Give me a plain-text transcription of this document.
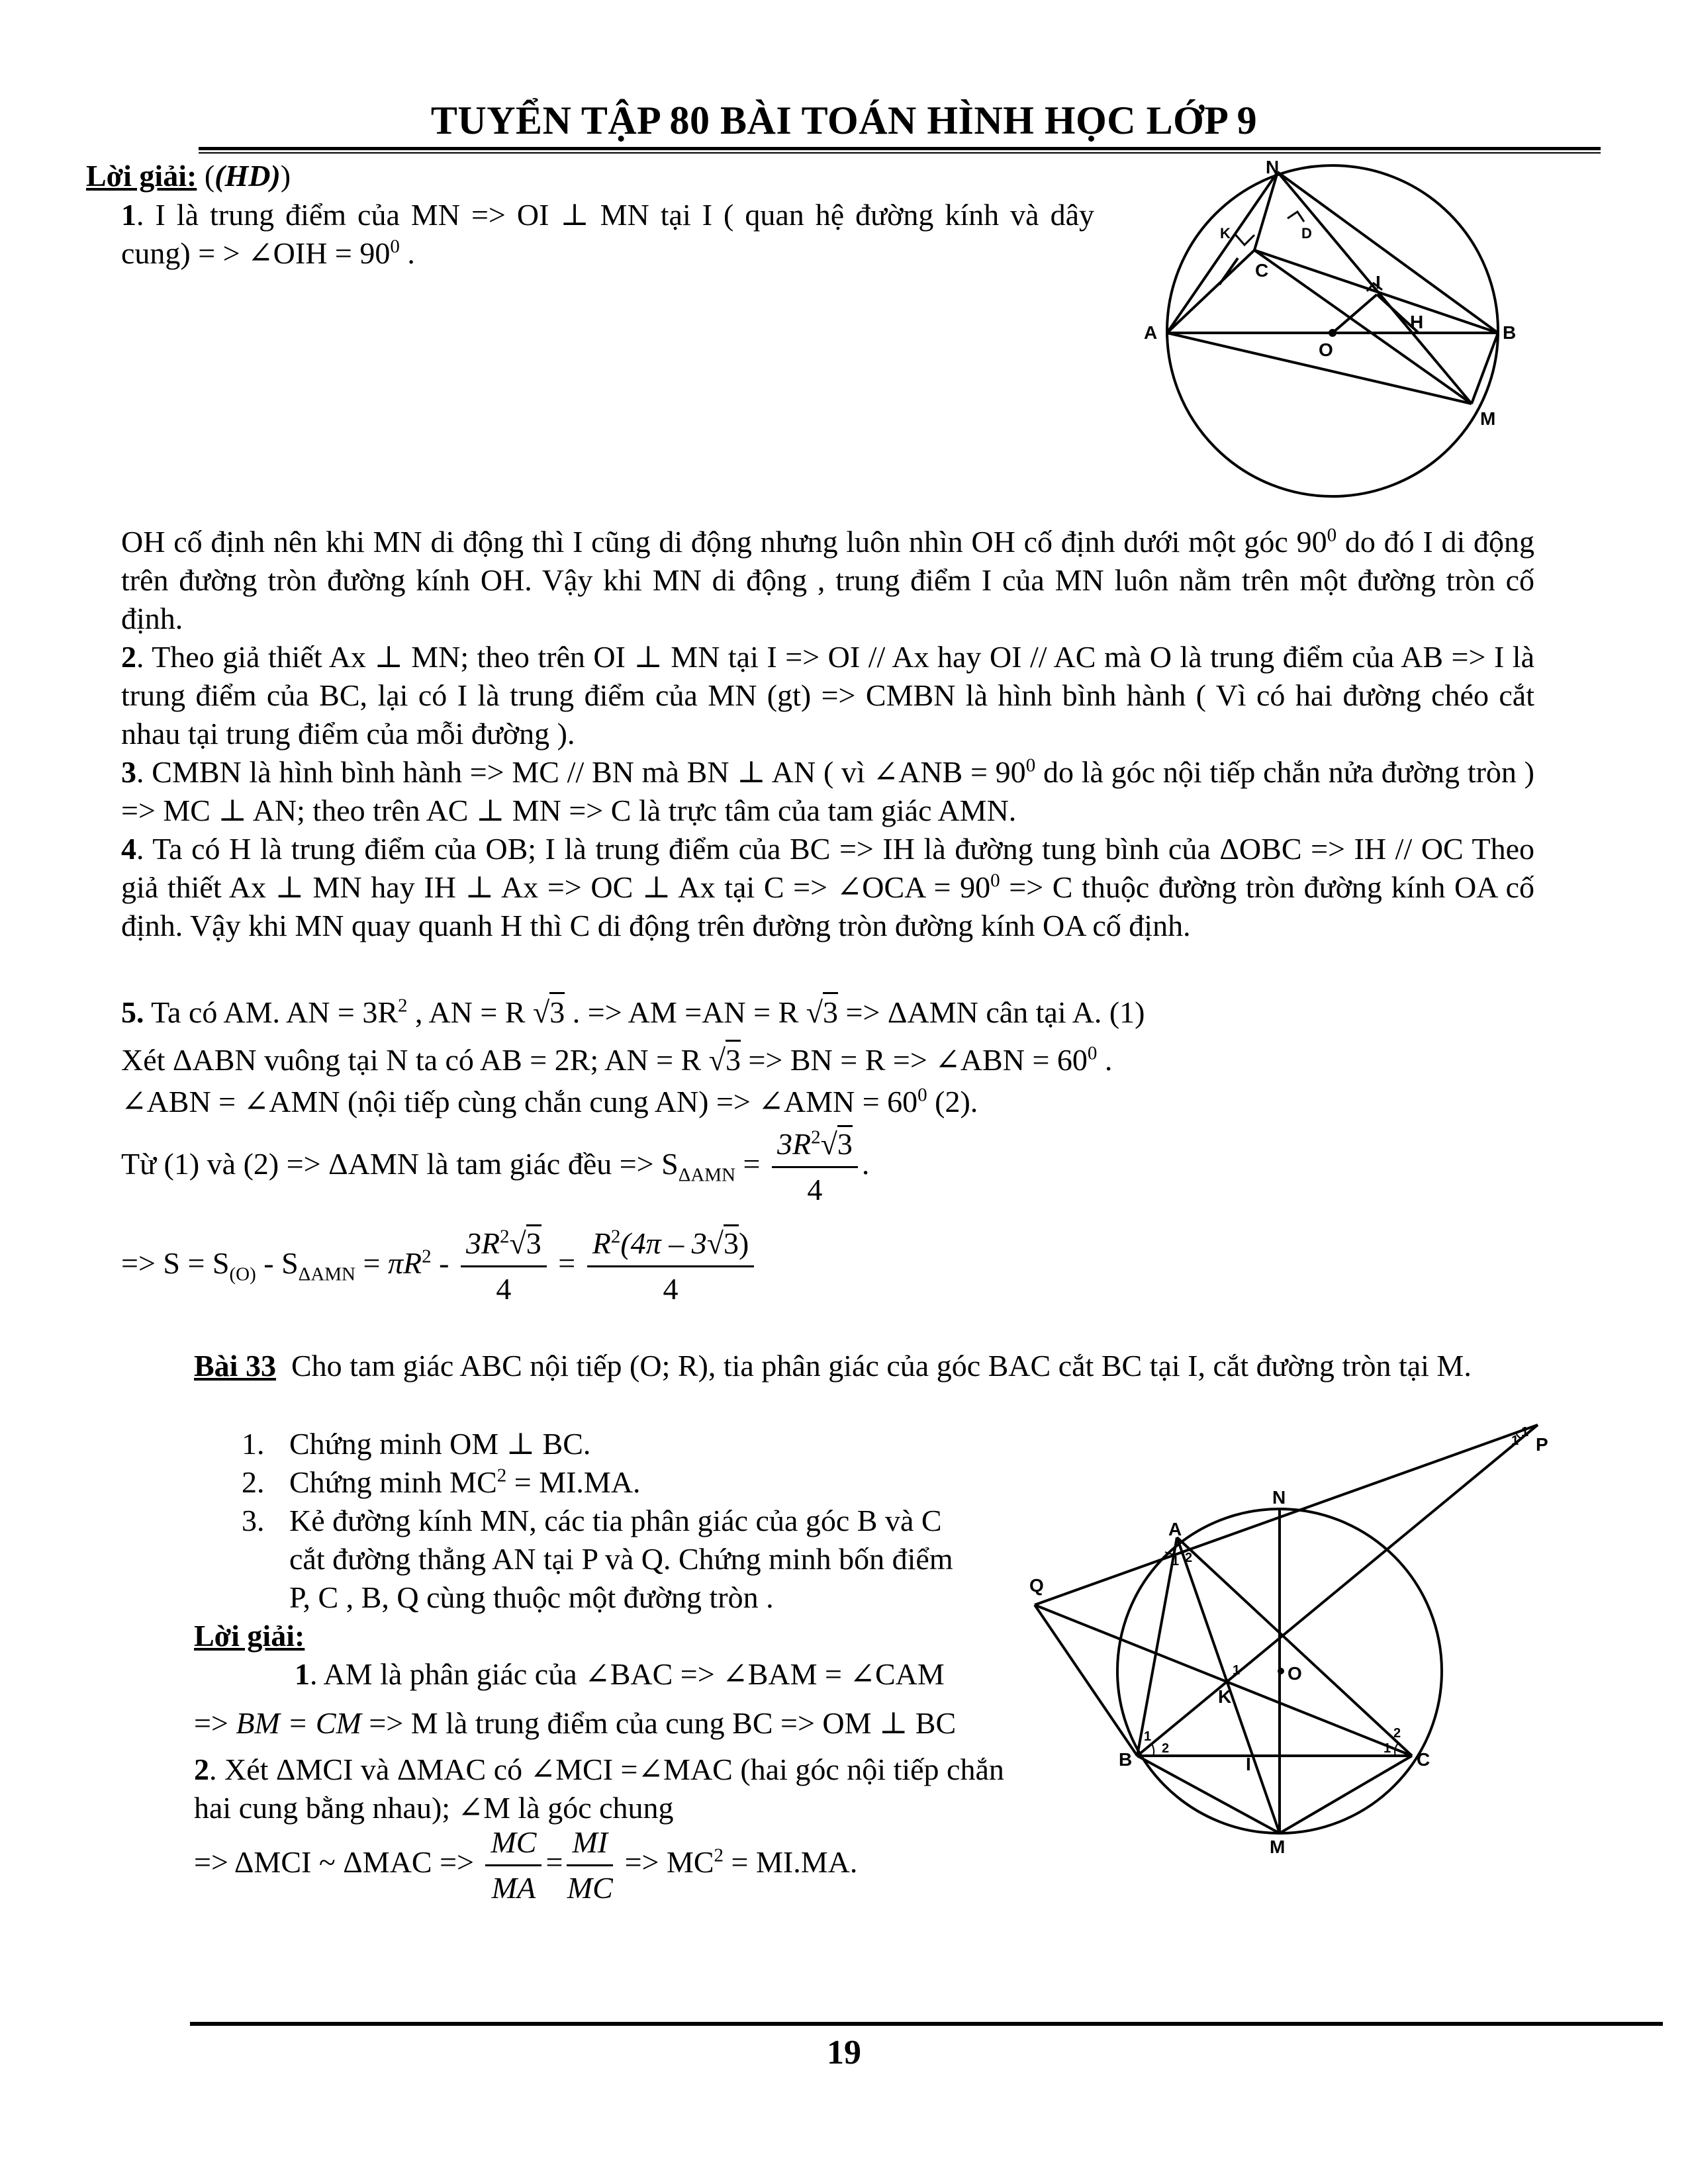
TUYỂN TẬP 80 BÀI TOÁN HÌNH HỌC LỚP 9
Lời giải: ((HD))
1. I là trung điểm của MN => OI ⊥ MN tại I ( quan hệ đường kính và dây cung) = > ∠OIH = $90^0$ .
N
K	D
C
I
H
A
O
B
M
OH cố định nên khi MN di động thì I cũng di động nhưng luôn nhìn OH cố định dưới một góc $90^0$ do đó I di động trên đường tròn đường kính OH. Vậy khi MN di động , trung điểm I của MN luôn nằm trên một đường tròn cố định.
2. Theo giả thiết Ax ⊥ MN; theo trên OI ⊥ MN tại I => OI // Ax hay OI // AC mà O là trung điểm của AB => I là trung điểm của BC, lại có I là trung điểm của MN (gt) => CMBN là hình bình hành ( Vì có hai đường chéo cắt nhau tại trung điểm của mỗi đường ).
3. CMBN là hình bình hành => MC // BN mà BN ⊥ AN ( vì ∠ANB = $90^0$ do là góc nội tiếp chắn nửa đường tròn ) => MC ⊥ AN; theo trên AC ⊥ MN => C là trực tâm của tam giác AMN.
4. Ta có H là trung điểm của OB; I là trung điểm của BC => IH là đường tung bình của ΔOBC => IH // OC Theo giả thiết Ax ⊥ MN hay IH ⊥ Ax => OC ⊥ Ax tại C => ∠OCA = $90^0 => C$ thuộc đường tròn đường kính OA cố định. Vậy khi MN quay quanh H thì C di động trên đường tròn đường kính OA cố định.
5. Ta có AM. AN = $3R^2$ , AN = R √3 . => AM =AN = R √3 => ΔAMN cân tại A. (1)
Xét ΔABN vuông tại N ta có AB = 2R; AN = R √3 => BN = R => ∠ABN = $60^0$ .
∠ABN = ∠AMN (nội tiếp cùng chắn cung AN) => ∠AMN = $60^0$ (2).
Từ (1) và (2) => ΔAMN là tam giác đều => $S_{\Delta AMN} = \frac{3R^2√3}{4}$ .
=> $S = S_{(O)} - S_{\Delta AMN} = \pi R^2 - \frac{3R^2√3}{4} = \frac{R^2(4\pi - 3√3)}{4}$
Bài 33 Cho tam giác ABC nội tiếp (O; R), tia phân giác của góc BAC cắt BC tại I, cắt đường tròn tại M.
1. Chứng minh OM ⊥ BC.
2. Chứng minh $MC^2 = MI.MA$.
3. Kẻ đường kính MN, các tia phân giác của góc B và C cắt đường thẳng AN tại P và Q. Chứng minh bốn điểm P, C , B, Q cùng thuộc một đường tròn .
Lời giải:
1. AM là phân giác của ∠BAC => ∠BAM = ∠CAM
=> BM = CM => M là trung điểm của cung BC => OM ⊥ BC
2. Xét ΔMCI và ΔMAC có ∠MCI =∠MAC (hai góc nội tiếp chắn hai cung bằng nhau); ∠M là góc chung
=> ΔMCI ~ $\Delta MAC => \frac{MC}{MA} = \frac{MI}{MC} => MC^2 = MI.MA$.
P
N
A
Q
O
K
B	I	C
M
1
1
1 2
1
1
2	1
2
19
